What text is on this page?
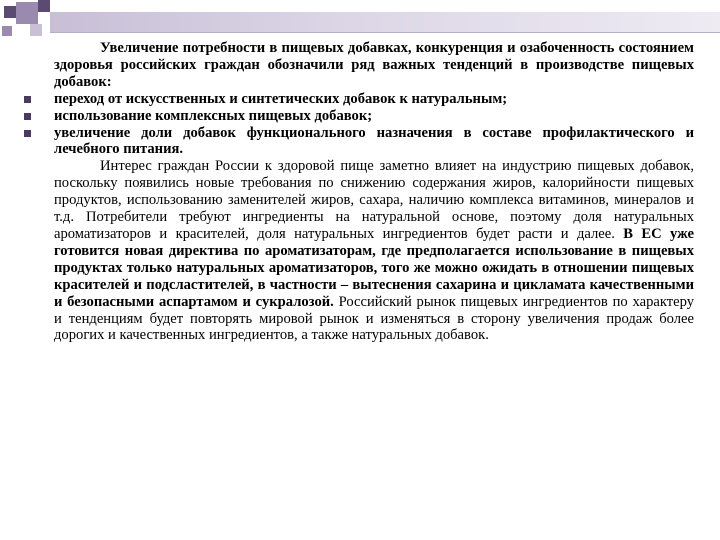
Увеличение потребности в пищевых добавках, конкуренция и озабоченность состоянием здоровья российских граждан обозначили ряд важных тенденций в производстве пищевых добавок:
переход от искусственных и синтетических добавок к натуральным;
использование комплексных пищевых добавок;
увеличение доли добавок функционального назначения в составе профилактического и лечебного питания.
Интерес граждан России к здоровой пище заметно влияет на индустрию пищевых добавок, поскольку появились новые требования по снижению содержания жиров, калорийности пищевых продуктов, использованию заменителей жиров, сахара, наличию комплекса витаминов, минералов и т.д. Потребители требуют ингредиенты на натуральной основе, поэтому доля натуральных ароматизаторов и красителей, доля натуральных ингредиентов будет расти и далее. В ЕС уже готовится новая директива по ароматизаторам, где предполагается использование в пищевых продуктах только натуральных ароматизаторов, того же можно ожидать в отношении пищевых красителей и подсластителей, в частности – вытеснения сахарина и цикламата качественными и безопасными аспартамом и сукралозой. Российский рынок пищевых ингредиентов по характеру и тенденциям будет повторять мировой рынок и изменяться в сторону увеличения продаж более дорогих и качественных ингредиентов, а также натуральных добавок.
